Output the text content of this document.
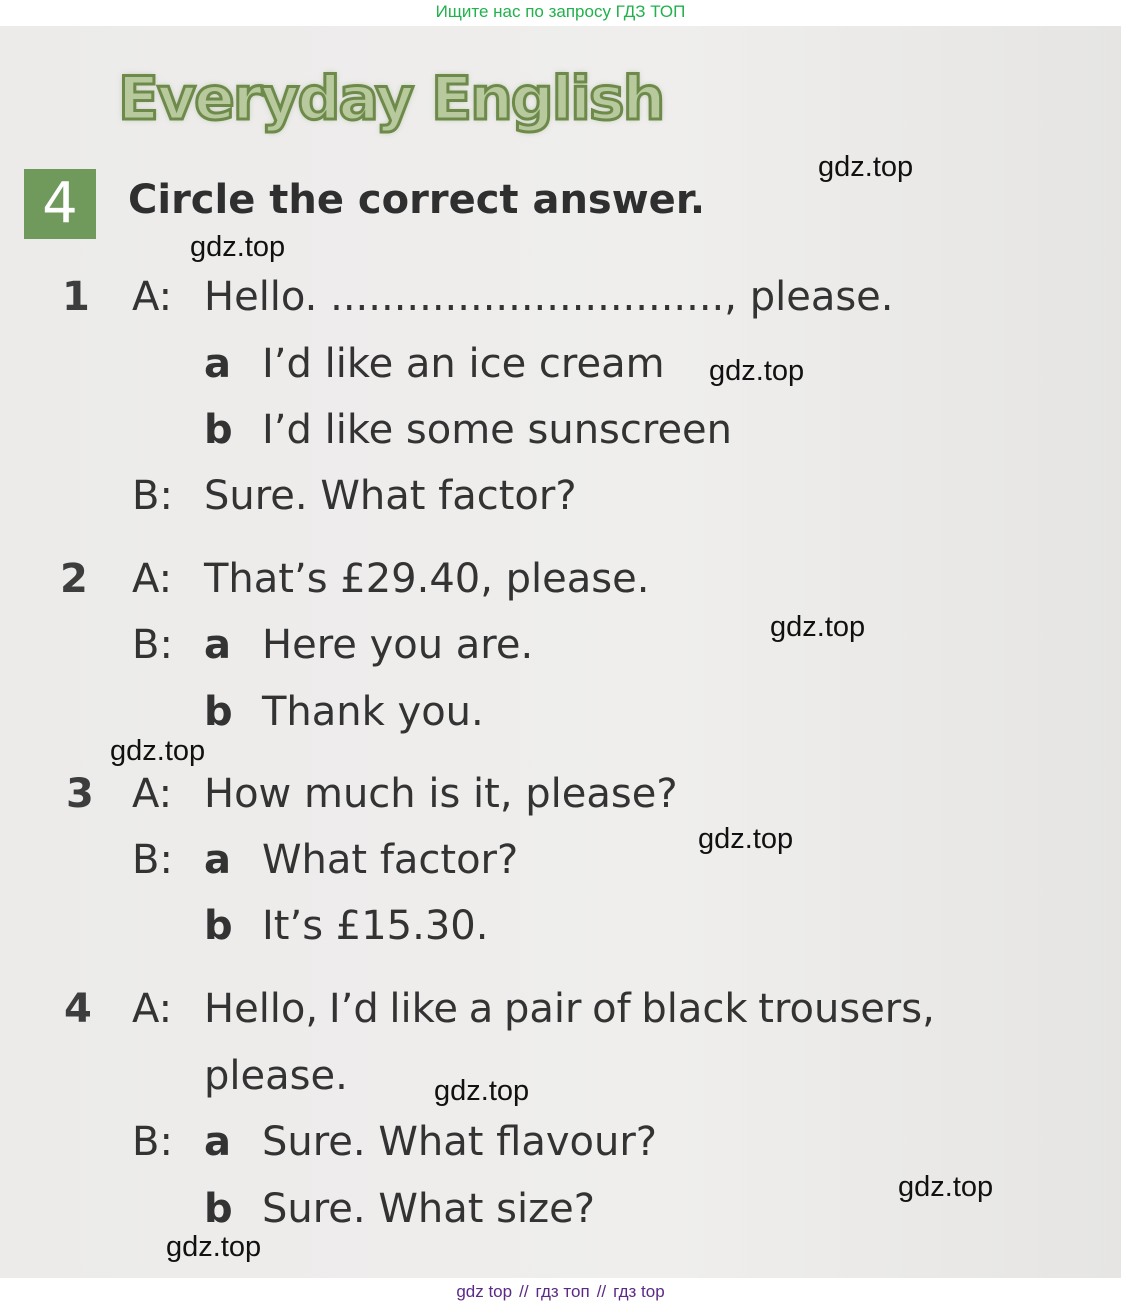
Ищите нас по запросу ГДЗ ТОП
Everyday English
4	Circle the correct answer.
1 A: Hello. ..............................., please.
a I’d like an ice cream
b I’d like some sunscreen
B: Sure. What factor?
2 A: That’s £29.40, please.
B: a Here you are.
b Thank you.
3 A: How much is it, please?
B: a What factor?
b It’s £15.30.
4 A: Hello, I’d like a pair of black trousers,
please.
B: a Sure. What flavour?
b Sure. What size?
gdz.top
gdz.top
gdz.top
gdz.top
gdz.top
gdz.top
gdz.top
gdz.top
gdz.top
gdz top // гдз топ // гдз top
